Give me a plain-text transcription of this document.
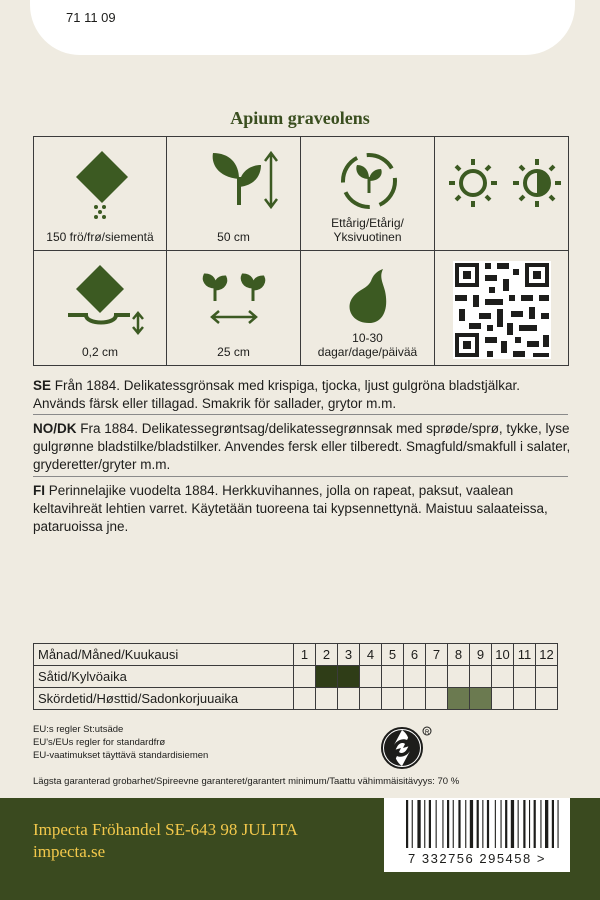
71 11 09
Apium graveolens
150 frö/frø/siementä	50 cm
Ettårig/Etårig/ Yksivuotinen
0,2 cm	25 cm
10-30 dagar/dage/päivää
SE Från 1884. Delikatessgrönsak med krispiga, tjocka, ljust gulgröna bladstjälkar. Används färsk eller tillagad. Smakrik för sallader, grytor m.m.
NO/DK Fra 1884. Delikatessegrøntsag/delikatessegrønnsak med sprøde/sprø, tykke, lyse gulgrønne bladstilke/bladstilker. Anvendes fersk eller tilberedt. Smagfuld/smakfull i salater, gryderetter/gryter m.m.
FI Perinnelajike vuodelta 1884. Herkkuvihannes, jolla on rapeat, paksut, vaalean keltavihreät lehtien varret. Käytetään tuoreena tai kypsennettynä. Maistuu salaateissa, pataruoissa jne.
Månad/Måned/Kuukausi	1	2	3	4	5	6	7	8	9	10	11	12
Såtid/Kylvöaika												
Skördetid/Høsttid/Sadonkorjuuaika												
EU:s regler St:utsäde
EU's/EUs regler for standardfrø
EU-vaatimukset täyttävä standardisiemen
Lägsta garanterad grobarhet/Spireevne garanteret/garantert minimum/Taattu vähimmäisitävyys: 70 %
R
Impecta Fröhandel SE-643 98 JULITA
impecta.se	7 332756 295458 >
